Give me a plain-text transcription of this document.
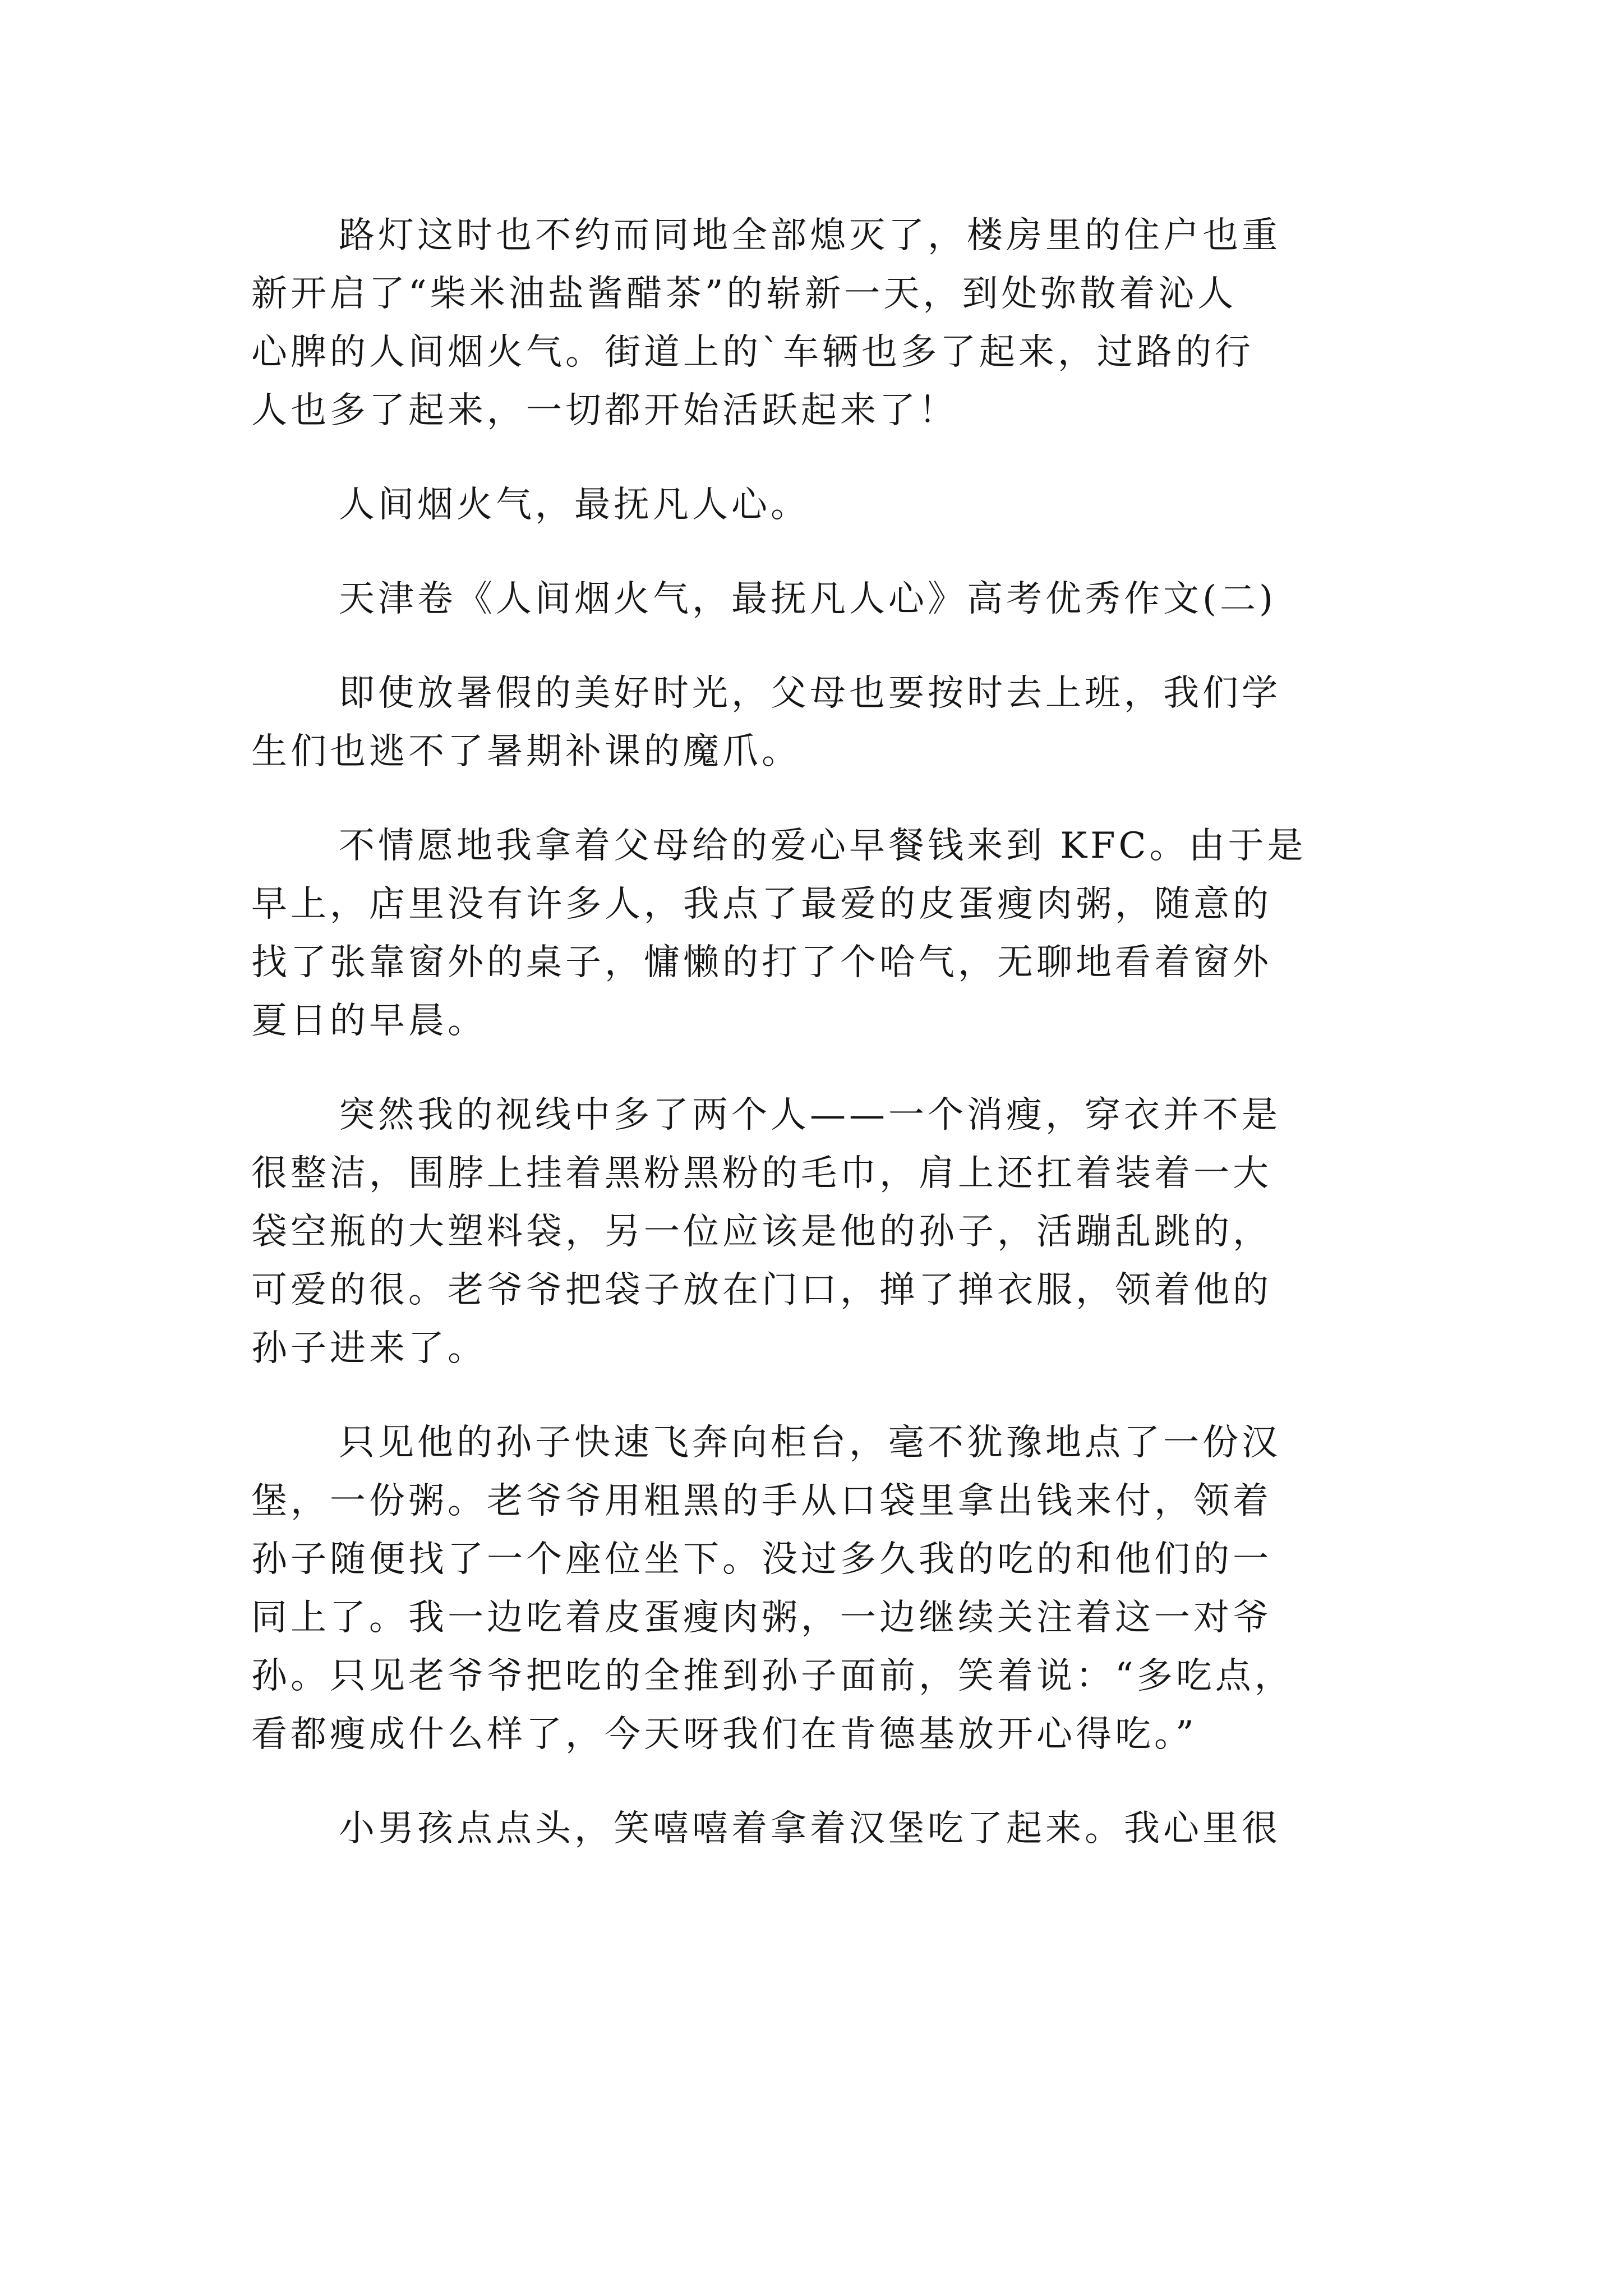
路灯这时也不约而同地全部熄灭了，楼房里的住户也重
新开启了“柴米油盐酱醋茶”的崭新一天，到处弥散着沁人
心脾的人间烟火气。街道上的`车辆也多了起来，过路的行
人也多了起来，一切都开始活跃起来了！
人间烟火气，最抚凡人心。
天津卷《人间烟火气，最抚凡人心》高考优秀作文(二)
即使放暑假的美好时光，父母也要按时去上班，我们学
生们也逃不了暑期补课的魔爪。
不情愿地我拿着父母给的爱心早餐钱来到 KFC。由于是
早上，店里没有许多人，我点了最爱的皮蛋瘦肉粥，随意的
找了张靠窗外的桌子，慵懒的打了个哈气，无聊地看着窗外
夏日的早晨。
突然我的视线中多了两个人——一个消瘦，穿衣并不是
很整洁，围脖上挂着黑粉黑粉的毛巾，肩上还扛着装着一大
袋空瓶的大塑料袋，另一位应该是他的孙子，活蹦乱跳的，
可爱的很。老爷爷把袋子放在门口，掸了掸衣服，领着他的
孙子进来了。
只见他的孙子快速飞奔向柜台，毫不犹豫地点了一份汉
堡，一份粥。老爷爷用粗黑的手从口袋里拿出钱来付，领着
孙子随便找了一个座位坐下。没过多久我的吃的和他们的一
同上了。我一边吃着皮蛋瘦肉粥，一边继续关注着这一对爷
孙。只见老爷爷把吃的全推到孙子面前，笑着说：“多吃点，
看都瘦成什么样了，今天呀我们在肯德基放开心得吃。”
小男孩点点头，笑嘻嘻着拿着汉堡吃了起来。我心里很
